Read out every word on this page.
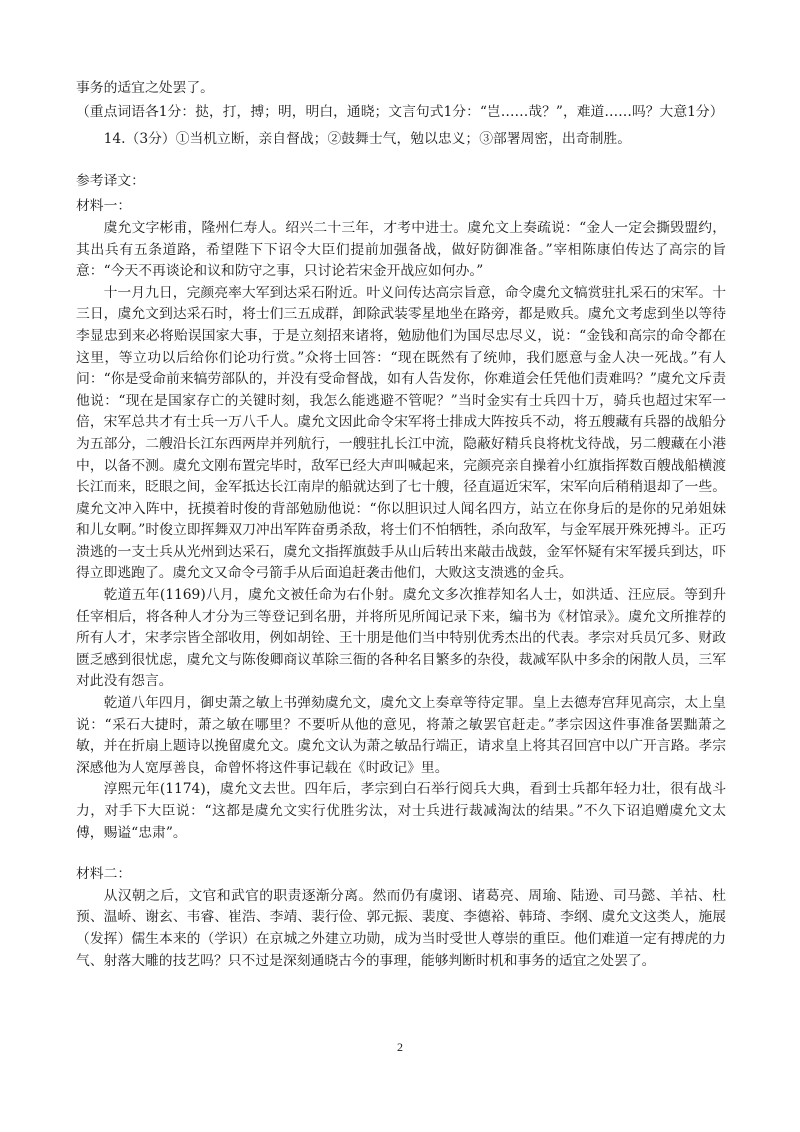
事务的适宜之处罢了。

（重点词语各1分：挞，打，搏；明，明白，通晓；文言句式1分：“岂……哉？”，难道……吗？大意1分）

14.（3分）①当机立断，亲自督战；②鼓舞士气，勉以忠义；③部署周密，出奇制胜。

参考译文：

材料一：

虞允文字彬甫，隆州仁寿人。绍兴二十三年，才考中进士。虞允文上奏疏说：“金人一定会撕毁盟约，其出兵有五条道路，希望陛下下诏令大臣们提前加强备战，做好防御准备。”宰相陈康伯传达了高宗的旨意：“今天不再谈论和议和防守之事，只讨论若宋金开战应如何办。”

十一月九日，完颜亮率大军到达采石附近。叶义问传达高宗旨意，命令虞允文犒赏驻扎采石的宋军。十三日，虞允文到达采石时，将士们三五成群，卸除武装零星地坐在路旁，都是败兵。虞允文考虑到坐以等待李显忠到来必将贻误国家大事，于是立刻招来诸将，勉励他们为国尽忠尽义，说：“金钱和高宗的命令都在这里，等立功以后给你们论功行赏。”众将士回答：“现在既然有了统帅，我们愿意与金人决一死战。”有人问：“你是受命前来犒劳部队的，并没有受命督战，如有人告发你，你难道会任凭他们责难吗？”虞允文斥责他说：“现在是国家存亡的关键时刻，我怎么能逃避不管呢？”当时金实有士兵四十万，骑兵也超过宋军一倍，宋军总共才有士兵一万八千人。虞允文因此命令宋军将士排成大阵按兵不动，将五艘藏有兵器的战船分为五部分，二艘沿长江东西两岸并列航行，一艘驻扎长江中流，隐蔽好精兵良将枕戈待战，另二艘藏在小港中，以备不测。虞允文刚布置完毕时，敌军已经大声叫喊起来，完颜亮亲自操着小红旗指挥数百艘战船横渡长江而来，眨眼之间，金军抵达长江南岸的船就达到了七十艘，径直逼近宋军，宋军向后稍稍退却了一些。虞允文冲入阵中，抚摸着时俊的背部勉励他说：“你以胆识过人闻名四方，站立在你身后的是你的兄弟姐妹和儿女啊。”时俊立即挥舞双刀冲出军阵奋勇杀敌，将士们不怕牺牲，杀向敌军，与金军展开殊死搏斗。正巧溃逃的一支士兵从光州到达采石，虞允文指挥旗鼓手从山后转出来敲击战鼓，金军怀疑有宋军援兵到达，吓得立即逃跑了。虞允文又命令弓箭手从后面追赶袭击他们，大败这支溃逃的金兵。

乾道五年(1169)八月，虞允文被任命为右仆射。虞允文多次推荐知名人士，如洪适、汪应辰。等到升任宰相后，将各种人才分为三等登记到名册，并将所见所闻记录下来，编书为《材馆录》。虞允文所推荐的所有人才，宋孝宗皆全部收用，例如胡铨、王十朋是他们当中特别优秀杰出的代表。孝宗对兵员冗多、财政匮乏感到很忧虑，虞允文与陈俊卿商议革除三衙的各种名目繁多的杂役，裁减军队中多余的闲散人员，三军对此没有怨言。

乾道八年四月，御史萧之敏上书弹劾虞允文，虞允文上奏章等待定罪。皇上去德寿宫拜见高宗，太上皇说：“采石大捷时，萧之敏在哪里？不要听从他的意见，将萧之敏罢官赶走。”孝宗因这件事准备罢黜萧之敏，并在折扇上题诗以挽留虞允文。虞允文认为萧之敏品行端正，请求皇上将其召回宫中以广开言路。孝宗深感他为人宽厚善良，命曾怀将这件事记载在《时政记》里。

淳熙元年(1174)，虞允文去世。四年后，孝宗到白石举行阅兵大典，看到士兵都年轻力壮，很有战斗力，对手下大臣说：“这都是虞允文实行优胜劣汰，对士兵进行裁减淘汰的结果。”不久下诏追赠虞允文太傅，赐谥“忠肃”。

材料二：

从汉朝之后，文官和武官的职责逐渐分离。然而仍有虞诩、诸葛亮、周瑜、陆逊、司马懿、羊祜、杜预、温峤、谢玄、韦睿、崔浩、李靖、裴行俭、郭元振、裴度、李德裕、韩琦、李纲、虞允文这类人，施展（发挥）儒生本来的（学识）在京城之外建立功勋，成为当时受世人尊崇的重臣。他们难道一定有搏虎的力气、射落大雕的技艺吗？只不过是深刻通晓古今的事理，能够判断时机和事务的适宜之处罢了。

2
